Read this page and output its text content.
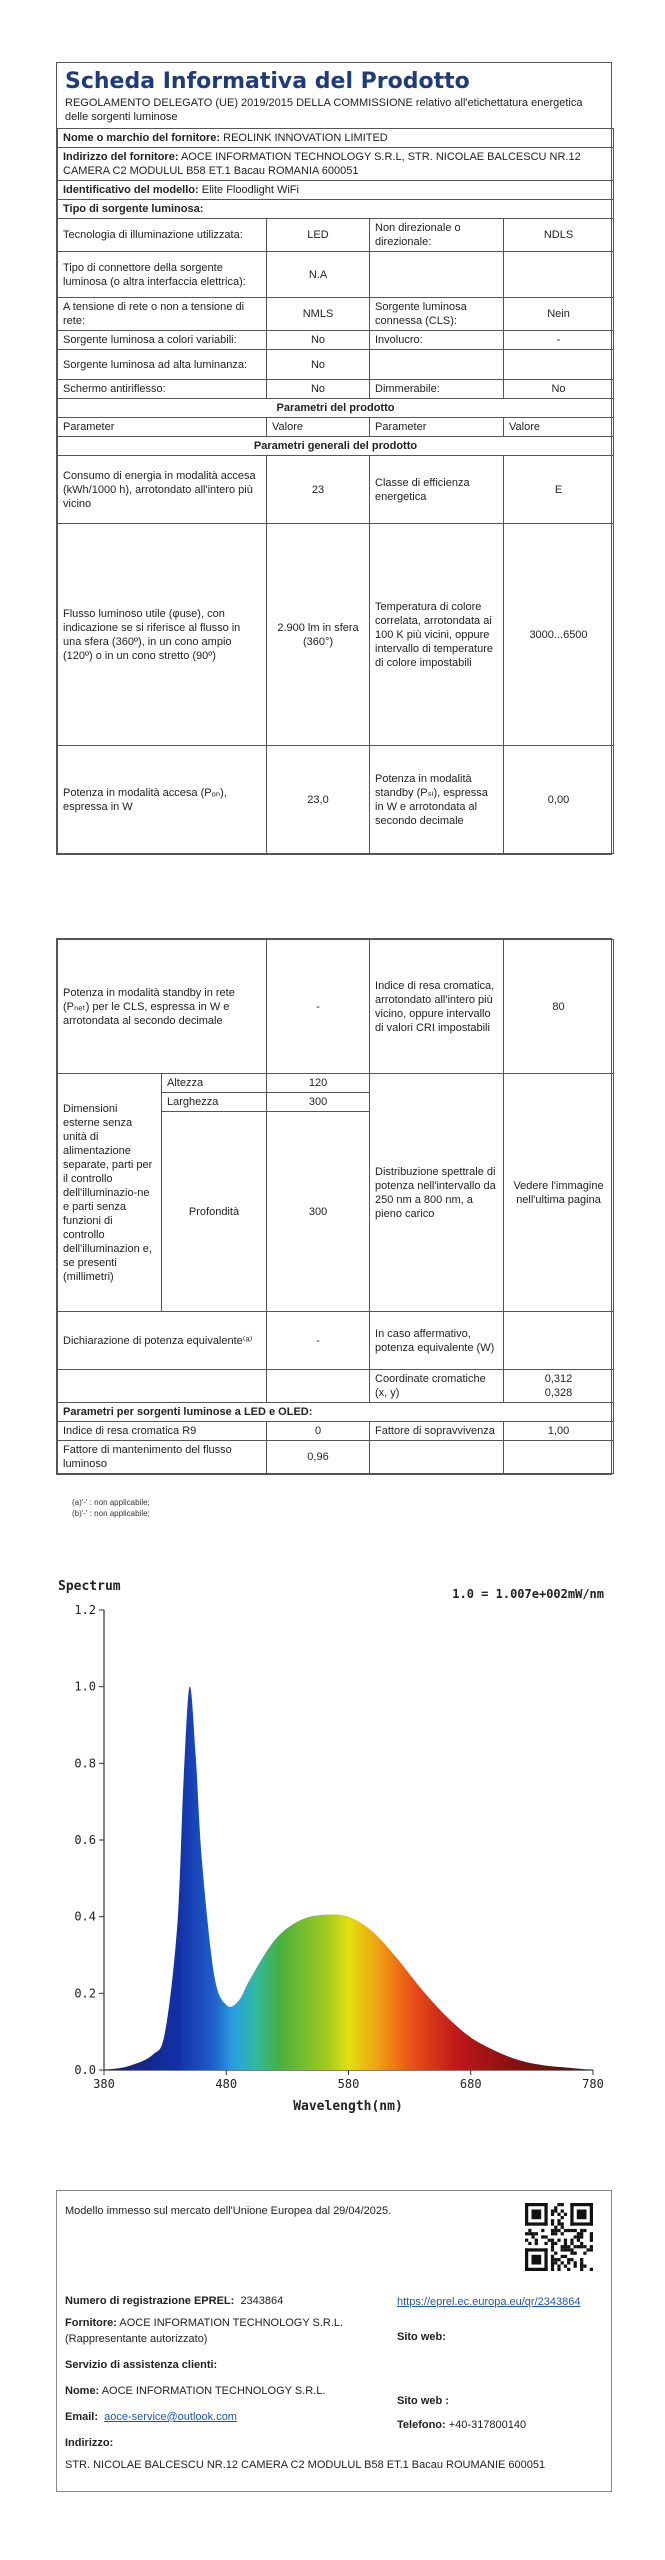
Scheda Informativa del Prodotto
REGOLAMENTO DELEGATO (UE) 2019/2015 DELLA COMMISSIONE relativo all'etichettatura energetica delle sorgenti luminose
Nome o marchio del fornitore: REOLINK INNOVATION LIMITED			
Indirizzo del fornitore: AOCE INFORMATION TECHNOLOGY S.R.L, STR. NICOLAE BALCESCU NR.12 CAMERA C2 MODULUL B58 ET.1 Bacau ROMANIA 600051			
Identificativo del modello: Elite Floodlight WiFi			
Tipo di sorgente luminosa:			
Tecnologia di illuminazione utilizzata:	LED	Non direzionale o direzionale:	NDLS
Tipo di connettore della sorgente luminosa (o altra interfaccia elettrica):	N.A		
A tensione di rete o non a tensione di rete:	NMLS	Sorgente luminosa connessa (CLS):	Nein
Sorgente luminosa a colori variabili:	No	Involucro:	-
Sorgente luminosa ad alta luminanza:	No		
Schermo antiriflesso:	No	Dimmerabile:	No
Parametri del prodotto			
Parameter	Valore	Parameter	Valore
Parametri generali del prodotto			
Consumo di energia in modalità accesa (kWh/1000 h), arrotondato all'intero più vicino	23	Classe di efficienza energetica	E
Flusso luminoso utile (φuse), con indicazione se si riferisce al flusso in una sfera (360º), in un cono ampio (120º) o in un cono stretto (90º)	2.900 lm in sfera (360°)	Temperatura di colore correlata, arrotondata ai 100 K più vicini, oppure intervallo di temperature di colore impostabili	3000...6500
Potenza in modalità accesa (Pₒₙ), espressa in W	23,0	Potenza in modalità standby (Pₛₗ), espressa in W e arrotondata al secondo decimale	0,00
Potenza in modalità standby in rete (Pₙₑₜ) per le CLS, espressa in W e arrotondata al secondo decimale		-	Indice di resa cromatica, arrotondato all'intero più vicino, oppure intervallo di valori CRI impostabili	80
Dimensioni esterne senza unità di alimentazione separate, parti per il controllo dell'illuminazio-ne e parti senza funzioni di controllo dell'illuminazion e, se presenti (millimetri)	Altezza	120	Distribuzione spettrale di potenza nell'intervallo da 250 nm a 800 nm, a pieno carico	Vedere l'immagine nell'ultima pagina
	Larghezza	300		
	Profondità	300		
Dichiarazione di potenza equivalente⁽ᵃ⁾		-	In caso affermativo, potenza equivalente (W)	
			Coordinate cromatiche (x, y)	0,312
0,328
Parametri per sorgenti luminose a LED e OLED:				
Indice di resa cromatica R9		0	Fattore di sopravvivenza	1,00
Fattore di mantenimento del flusso luminoso		0,96		
(a)'-' : non applicabile;
(b)'-' : non applicabile;
Spectrum	1.0 = 1.007e+002mW/nm
0.0
0.2
0.4
0.6
0.8
1.0
1.2
380	480	580	680	780
Wavelength(nm)
Modello immesso sul mercato dell'Unione Europea dal 29/04/2025.
Numero di registrazione EPREL: 2343864
Fornitore: AOCE INFORMATION TECHNOLOGY S.R.L.
(Rappresentante autorizzato)
Servizio di assistenza clienti:
Nome: AOCE INFORMATION TECHNOLOGY S.R.L.
Email: aoce-service@outlook.com
Indirizzo:
STR. NICOLAE BALCESCU NR.12 CAMERA C2 MODULUL B58 ET.1 Bacau ROUMANIE 600051
https://eprel.ec.europa.eu/qr/2343864
Sito web:
Sito web :
Telefono: +40-317800140
